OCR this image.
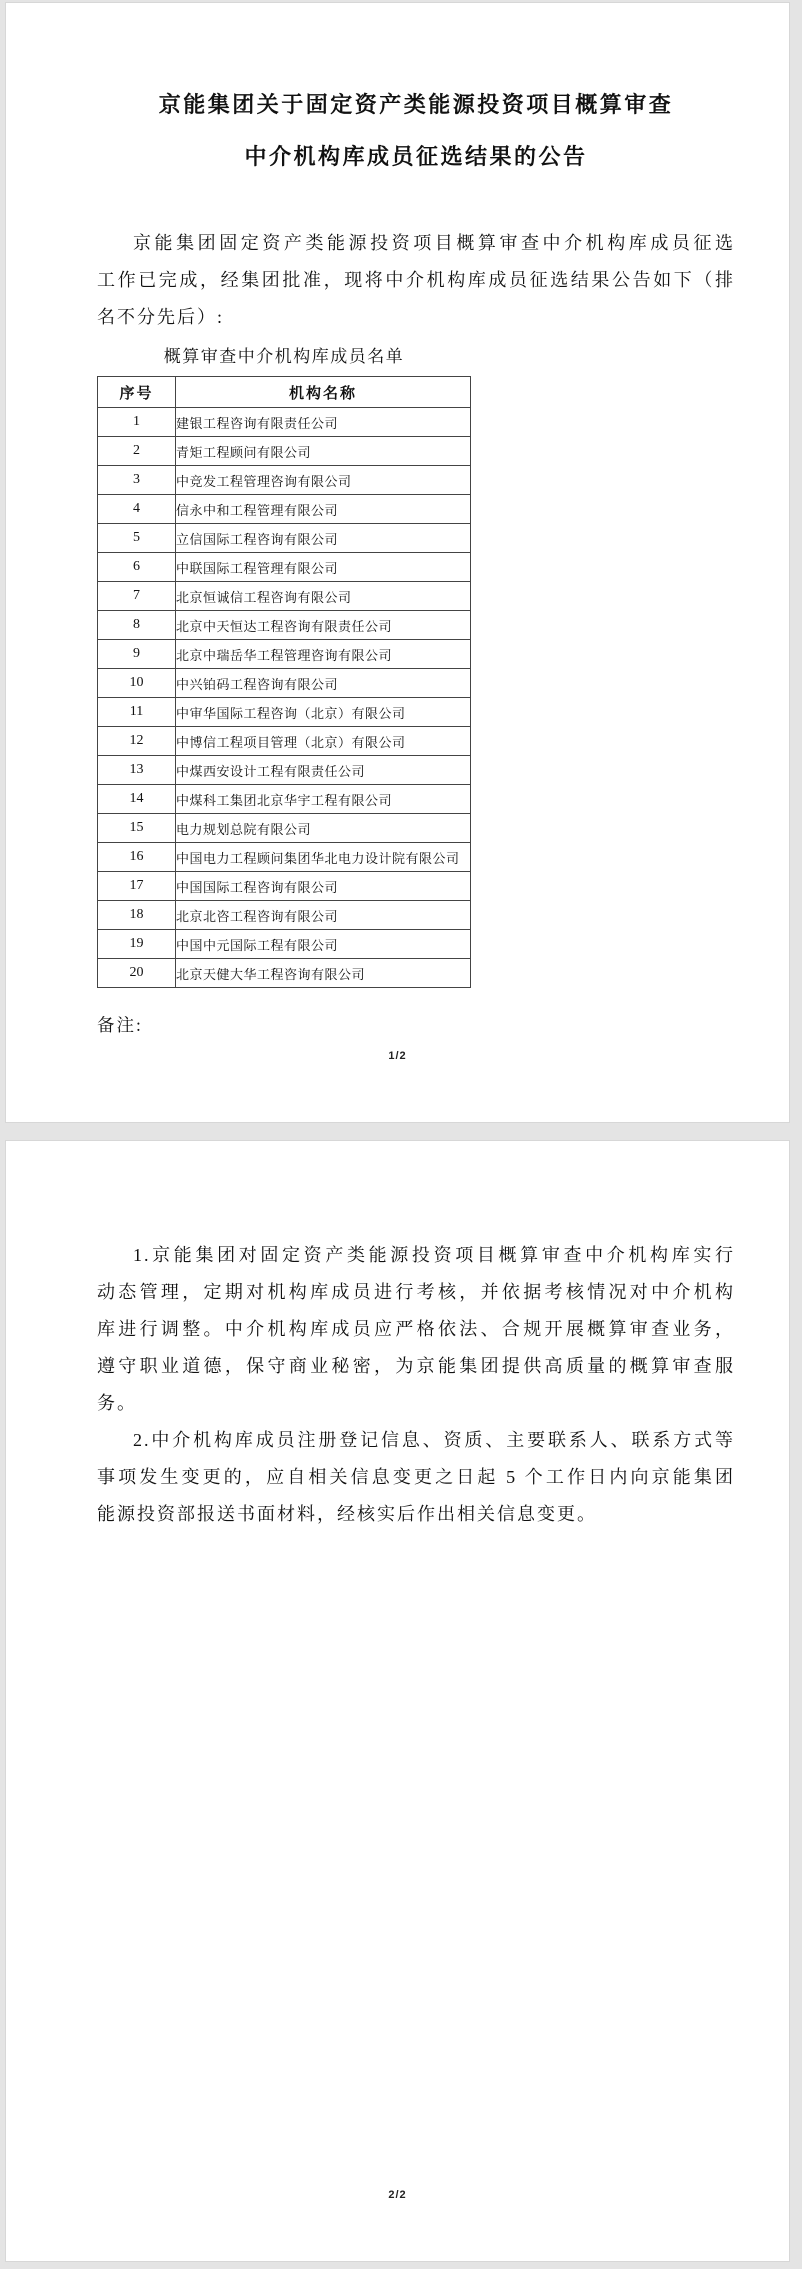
京能集团关于固定资产类能源投资项目概算审查
中介机构库成员征选结果的公告
京能集团固定资产类能源投资项目概算审查中介机构库成员征选
工作已完成，经集团批准，现将中介机构库成员征选结果公告如下（排
名不分先后）:
概算审查中介机构库成员名单
序号	机构名称
1	建银工程咨询有限责任公司
2	青矩工程顾问有限公司
3	中竞发工程管理咨询有限公司
4	信永中和工程管理有限公司
5	立信国际工程咨询有限公司
6	中联国际工程管理有限公司
7	北京恒诚信工程咨询有限公司
8	北京中天恒达工程咨询有限责任公司
9	北京中瑞岳华工程管理咨询有限公司
10	中兴铂码工程咨询有限公司
11	中审华国际工程咨询（北京）有限公司
12	中博信工程项目管理（北京）有限公司
13	中煤西安设计工程有限责任公司
14	中煤科工集团北京华宇工程有限公司
15	电力规划总院有限公司
16	中国电力工程顾问集团华北电力设计院有限公司
17	中国国际工程咨询有限公司
18	北京北咨工程咨询有限公司
19	中国中元国际工程有限公司
20	北京天健大华工程咨询有限公司
备注:
1/2
1.京能集团对固定资产类能源投资项目概算审查中介机构库实行
动态管理，定期对机构库成员进行考核，并依据考核情况对中介机构
库进行调整。中介机构库成员应严格依法、合规开展概算审查业务，
遵守职业道德，保守商业秘密，为京能集团提供高质量的概算审查服
务。
2.中介机构库成员注册登记信息、资质、主要联系人、联系方式等
事项发生变更的，应自相关信息变更之日起 5 个工作日内向京能集团
能源投资部报送书面材料，经核实后作出相关信息变更。
2/2
